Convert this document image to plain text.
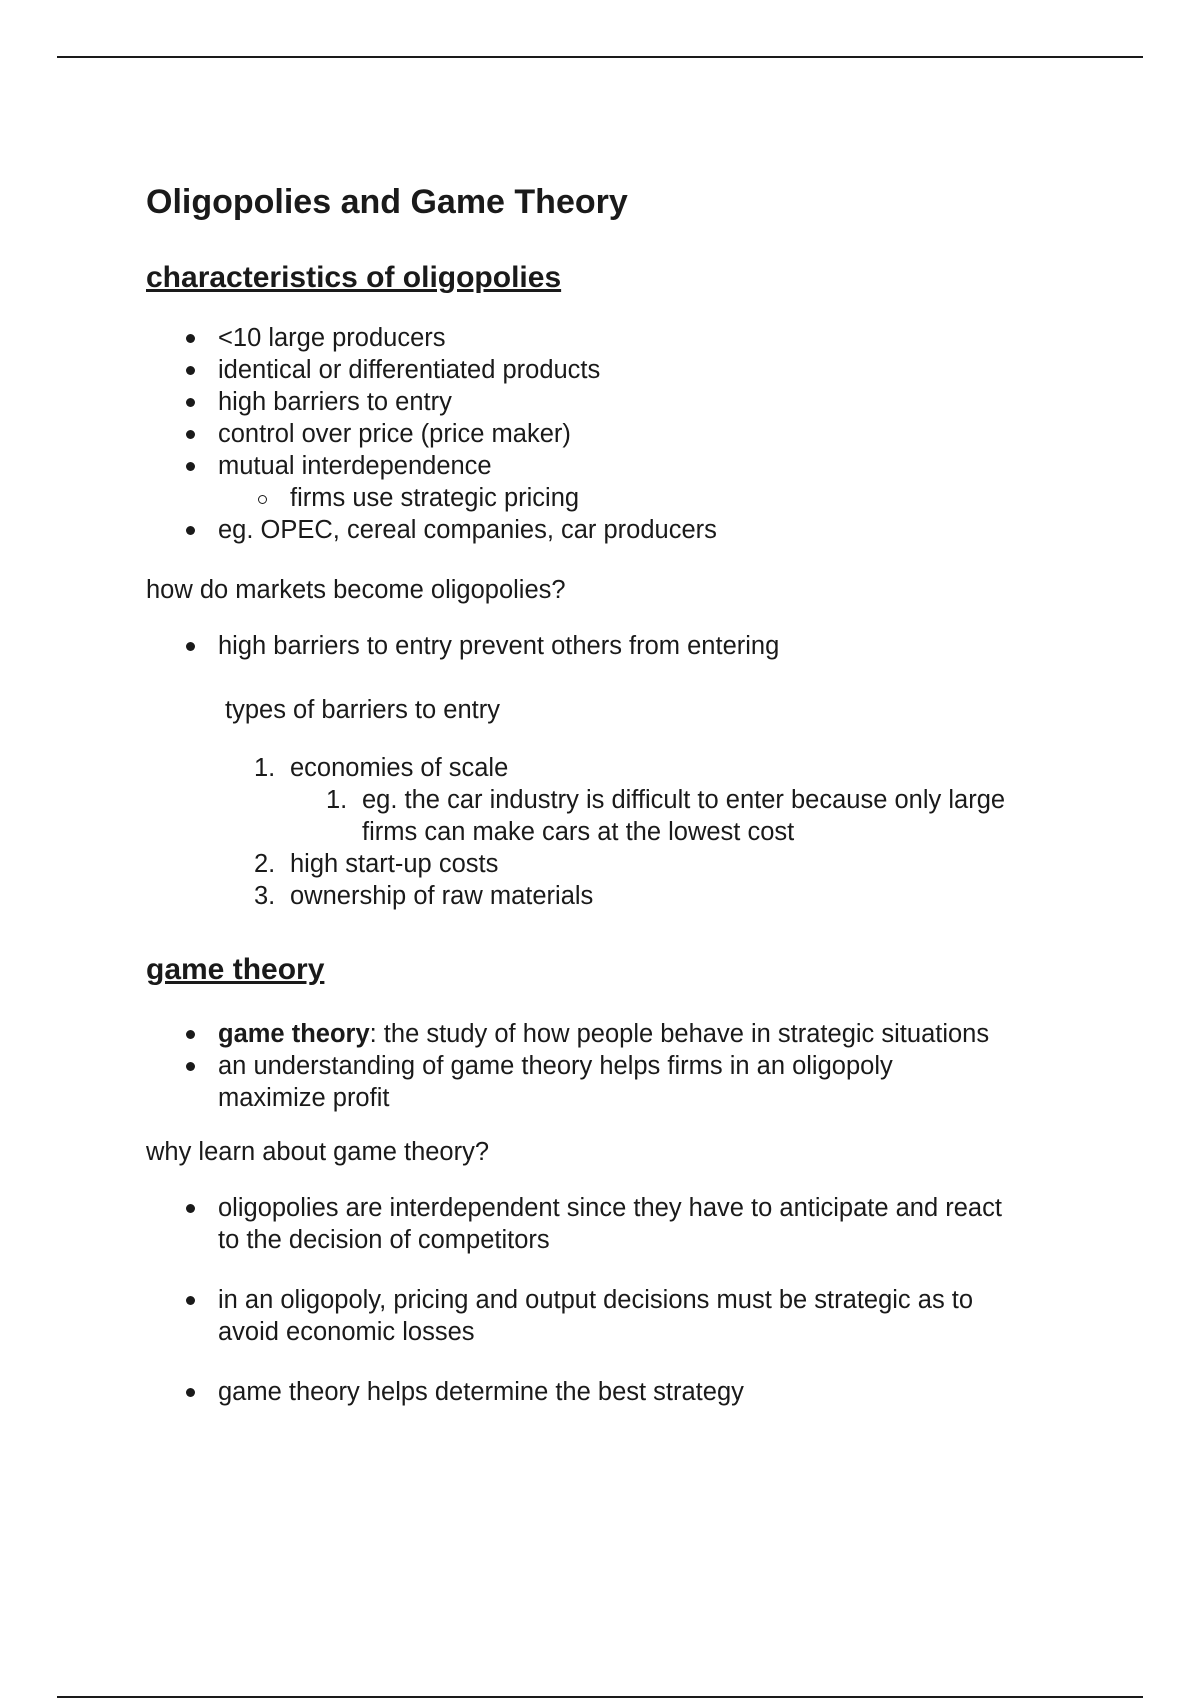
Oligopolies and Game Theory
characteristics of oligopolies
<10 large producers
identical or differentiated products
high barriers to entry
control over price (price maker)
mutual interdependence
firms use strategic pricing
eg. OPEC, cereal companies, car producers

how do markets become oligopolies?

high barriers to entry prevent others from entering

types of barriers to entry

1. economies of scale
1. eg. the car industry is difficult to enter because only large
firms can make cars at the lowest cost
2. high start-up costs
3. ownership of raw materials
game theory
game theory: the study of how people behave in strategic situations
an understanding of game theory helps firms in an oligopoly
maximize profit

why learn about game theory?

oligopolies are interdependent since they have to anticipate and react
to the decision of competitors
in an oligopoly, pricing and output decisions must be strategic as to
avoid economic losses
game theory helps determine the best strategy
